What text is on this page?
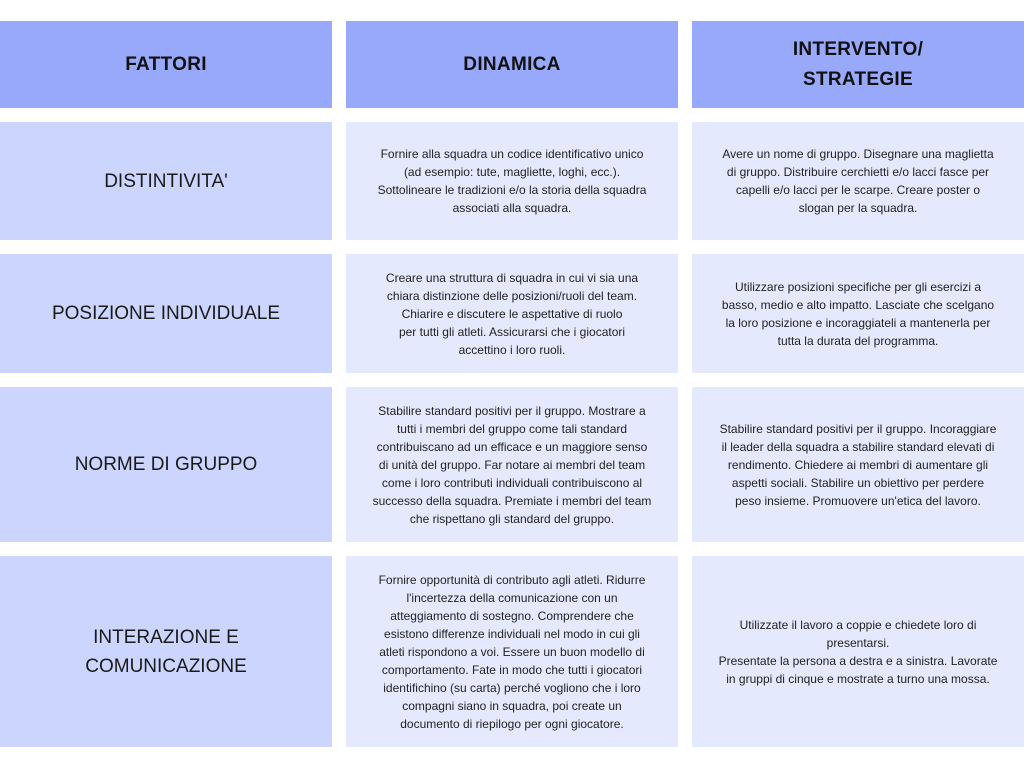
FATTORI	DINAMICA
INTERVENTO/
STRATEGIE
DISTINTIVITA'
Fornire alla squadra un codice identificativo unico
(ad esempio: tute, magliette, loghi, ecc.).
Sottolineare le tradizioni e/o la storia della squadra
associati alla squadra.
Avere un nome di gruppo. Disegnare una maglietta
di gruppo. Distribuire cerchietti e/o lacci fasce per
capelli e/o lacci per le scarpe. Creare poster o
slogan per la squadra.
POSIZIONE INDIVIDUALE
Creare una struttura di squadra in cui vi sia una
chiara distinzione delle posizioni/ruoli del team.
Chiarire e discutere le aspettative di ruolo
per tutti gli atleti. Assicurarsi che i giocatori
accettino i loro ruoli.
Utilizzare posizioni specifiche per gli esercizi a
basso, medio e alto impatto. Lasciate che scelgano
la loro posizione e incoraggiateli a mantenerla per
tutta la durata del programma.
NORME DI GRUPPO
Stabilire standard positivi per il gruppo. Mostrare a
tutti i membri del gruppo come tali standard
contribuiscano ad un efficace e un maggiore senso
di unità del gruppo. Far notare ai membri del team
come i loro contributi individuali contribuiscono al
successo della squadra. Premiate i membri del team
che rispettano gli standard del gruppo.
Stabilire standard positivi per il gruppo. Incoraggiare
il leader della squadra a stabilire standard elevati di
rendimento. Chiedere ai membri di aumentare gli
aspetti sociali. Stabilire un obiettivo per perdere
peso insieme. Promuovere un'etica del lavoro.
INTERAZIONE E
COMUNICAZIONE
Fornire opportunità di contributo agli atleti. Ridurre
l'incertezza della comunicazione con un
atteggiamento di sostegno. Comprendere che
esistono differenze individuali nel modo in cui gli
atleti rispondono a voi. Essere un buon modello di
comportamento. Fate in modo che tutti i giocatori
identifichino (su carta) perché vogliono che i loro
compagni siano in squadra, poi create un
documento di riepilogo per ogni giocatore.
Utilizzate il lavoro a coppie e chiedete loro di
presentarsi.
Presentate la persona a destra e a sinistra. Lavorate
in gruppi di cinque e mostrate a turno una mossa.
